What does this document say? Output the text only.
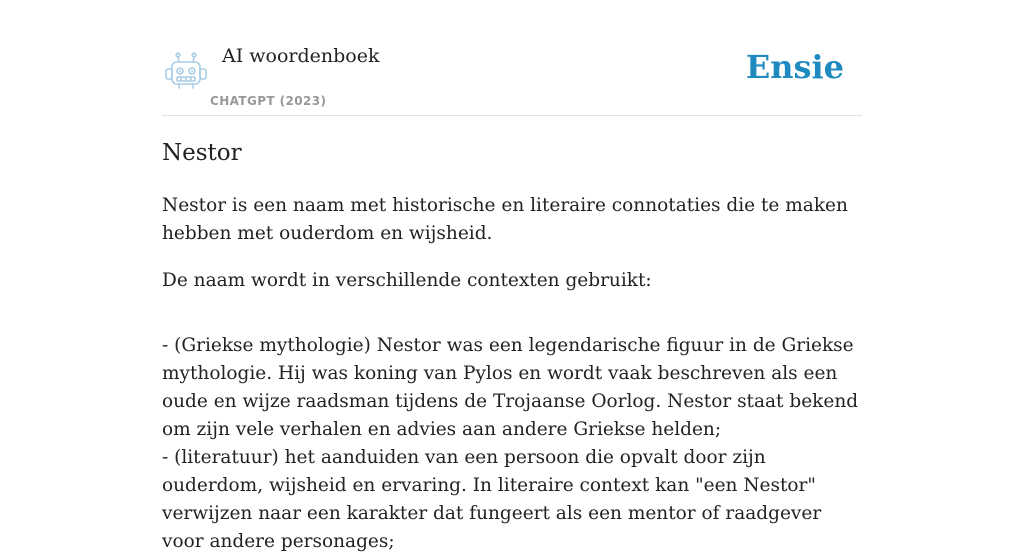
AI woordenboek
CHATGPT (2023)
Ensie
Nestor

Nestor is een naam met historische en literaire connotaties die te maken hebben met ouderdom en wijsheid.

De naam wordt in verschillende contexten gebruikt:

- (Griekse mythologie) Nestor was een legendarische figuur in de Griekse mythologie. Hij was koning van Pylos en wordt vaak beschreven als een oude en wijze raadsman tijdens de Trojaanse Oorlog. Nestor staat bekend om zijn vele verhalen en advies aan andere Griekse helden;
- (literatuur) het aanduiden van een persoon die opvalt door zijn ouderdom, wijsheid en ervaring. In literaire context kan "een Nestor" verwijzen naar een karakter dat fungeert als een mentor of raadgever voor andere personages;
